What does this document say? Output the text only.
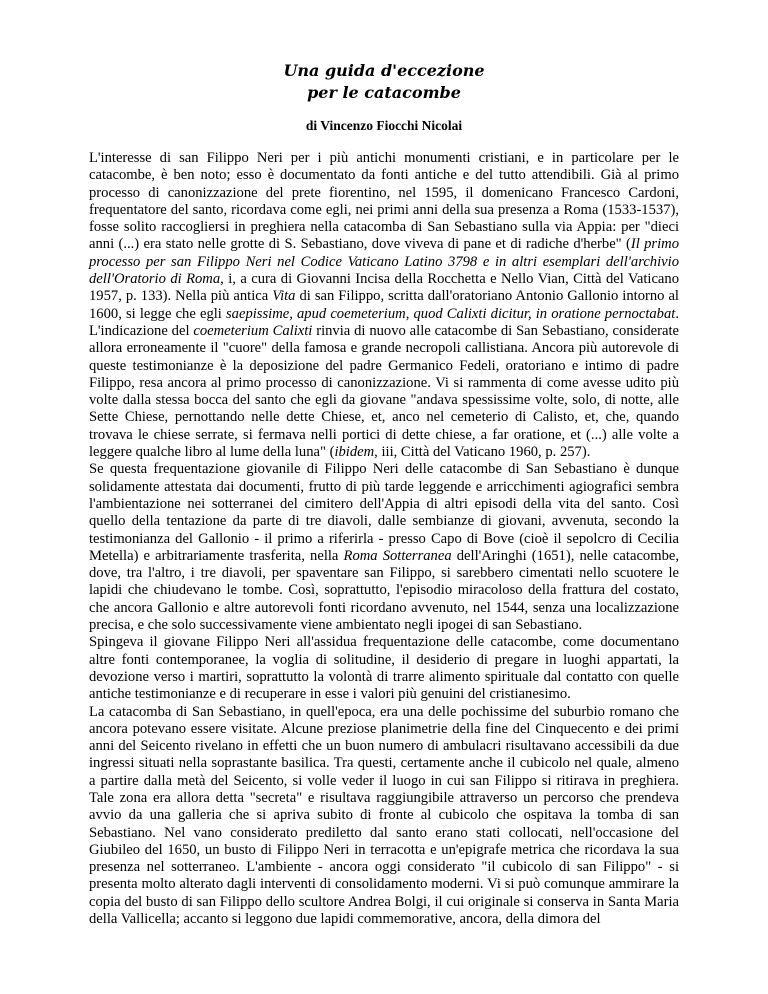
Una guida d'eccezione
per le catacombe
di Vincenzo Fiocchi Nicolai

L'interesse di san Filippo Neri per i più antichi monumenti cristiani, e in particolare per le catacombe, è ben noto; esso è documentato da fonti antiche e del tutto attendibili. Già al primo processo di canonizzazione del prete fiorentino, nel 1595, il domenicano Francesco Cardoni, frequentatore del santo, ricordava come egli, nei primi anni della sua presenza a Roma (1533-1537), fosse solito raccogliersi in preghiera nella catacomba di San Sebastiano sulla via Appia: per "dieci anni (...) era stato nelle grotte di S. Sebastiano, dove viveva di pane et di radiche d'herbe" (Il primo processo per san Filippo Neri nel Codice Vaticano Latino 3798 e in altri esemplari dell'archivio dell'Oratorio di Roma, i, a cura di Giovanni Incisa della Rocchetta e Nello Vian, Città del Vaticano 1957, p. 133). Nella più antica Vita di san Filippo, scritta dall'oratoriano Antonio Gallonio intorno al 1600, si legge che egli saepissime, apud coemeterium, quod Calixti dicitur, in oratione pernoctabat. L'indicazione del coemeterium Calixti rinvia di nuovo alle catacombe di San Sebastiano, considerate allora erroneamente il "cuore" della famosa e grande necropoli callistiana. Ancora più autorevole di queste testimonianze è la deposizione del padre Germanico Fedeli, oratoriano e intimo di padre Filippo, resa ancora al primo processo di canonizzazione. Vi si rammenta di come avesse udito più volte dalla stessa bocca del santo che egli da giovane "andava spessissime volte, solo, di notte, alle Sette Chiese, pernottando nelle dette Chiese, et, anco nel cemeterio di Calisto, et, che, quando trovava le chiese serrate, si fermava nelli portici di dette chiese, a far oratione, et (...) alle volte a leggere qualche libro al lume della luna" (ibidem, iii, Città del Vaticano 1960, p. 257).

Se questa frequentazione giovanile di Filippo Neri delle catacombe di San Sebastiano è dunque solidamente attestata dai documenti, frutto di più tarde leggende e arricchimenti agiografici sembra l'ambientazione nei sotterranei del cimitero dell'Appia di altri episodi della vita del santo. Così quello della tentazione da parte di tre diavoli, dalle sembianze di giovani, avvenuta, secondo la testimonianza del Gallonio - il primo a riferirla - presso Capo di Bove (cioè il sepolcro di Cecilia Metella) e arbitrariamente trasferita, nella Roma Sotterranea dell'Aringhi (1651), nelle catacombe, dove, tra l'altro, i tre diavoli, per spaventare san Filippo, si sarebbero cimentati nello scuotere le lapidi che chiudevano le tombe. Così, soprattutto, l'episodio miracoloso della frattura del costato, che ancora Gallonio e altre autorevoli fonti ricordano avvenuto, nel 1544, senza una localizzazione precisa, e che solo successivamente viene ambientato negli ipogei di san Sebastiano.

Spingeva il giovane Filippo Neri all'assidua frequentazione delle catacombe, come documentano altre fonti contemporanee, la voglia di solitudine, il desiderio di pregare in luoghi appartati, la devozione verso i martiri, soprattutto la volontà di trarre alimento spirituale dal contatto con quelle antiche testimonianze e di recuperare in esse i valori più genuini del cristianesimo.

La catacomba di San Sebastiano, in quell'epoca, era una delle pochissime del suburbio romano che ancora potevano essere visitate. Alcune preziose planimetrie della fine del Cinquecento e dei primi anni del Seicento rivelano in effetti che un buon numero di ambulacri risultavano accessibili da due ingressi situati nella soprastante basilica. Tra questi, certamente anche il cubicolo nel quale, almeno a partire dalla metà del Seicento, si volle veder il luogo in cui san Filippo si ritirava in preghiera. Tale zona era allora detta "secreta" e risultava raggiungibile attraverso un percorso che prendeva avvio da una galleria che si apriva subito di fronte al cubicolo che ospitava la tomba di san Sebastiano. Nel vano considerato prediletto dal santo erano stati collocati, nell'occasione del Giubileo del 1650, un busto di Filippo Neri in terracotta e un'epigrafe metrica che ricordava la sua presenza nel sotterraneo. L'ambiente - ancora oggi considerato "il cubicolo di san Filippo" - si presenta molto alterato dagli interventi di consolidamento moderni. Vi si può comunque ammirare la copia del busto di san Filippo dello scultore Andrea Bolgi, il cui originale si conserva in Santa Maria della Vallicella; accanto si leggono due lapidi commemorative, ancora, della dimora del
